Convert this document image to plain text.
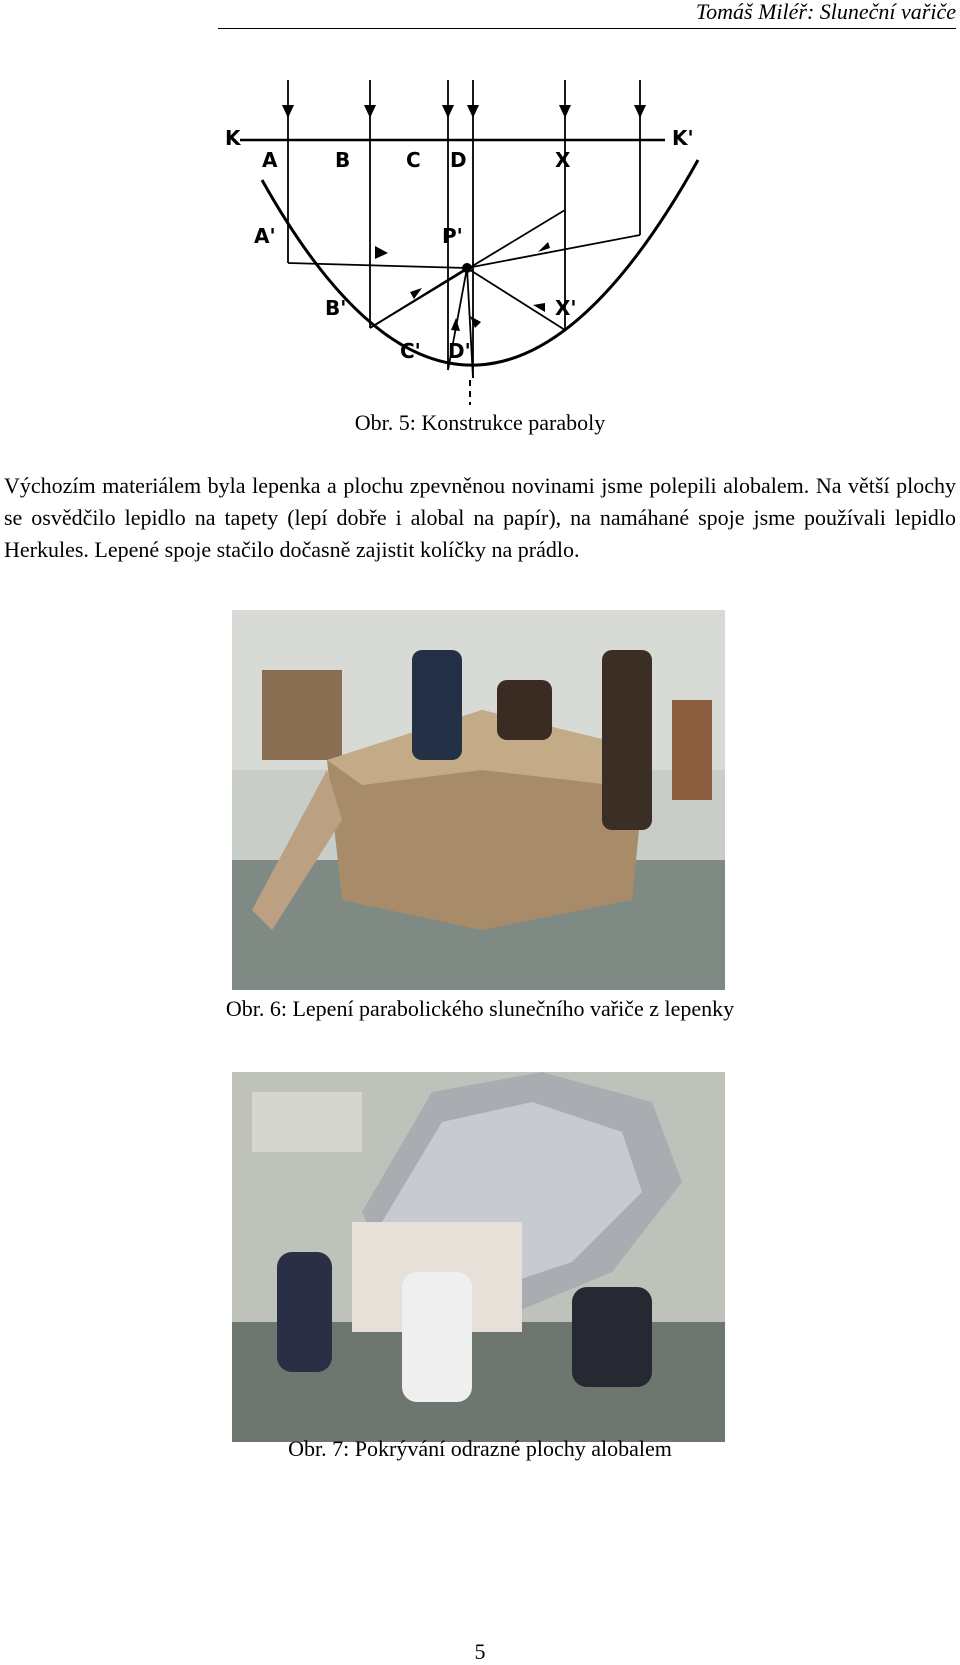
Tomáš Miléř: Sluneční vařiče
K	K'
A	B	C D	X
A'	P'
B'	X'
C' D'
Obr. 5: Konstrukce paraboly
Výchozím materiálem byla lepenka a plochu zpevněnou novinami jsme polepili alobalem. Na větší plochy se osvědčilo lepidlo na tapety (lepí dobře i alobal na papír), na namáhané spoje jsme používali lepidlo Herkules. Lepené spoje stačilo dočasně zajistit kolíčky na prádlo.
Obr. 6: Lepení parabolického slunečního vařiče z lepenky
Obr. 7: Pokrývání odrazné plochy alobalem
5
